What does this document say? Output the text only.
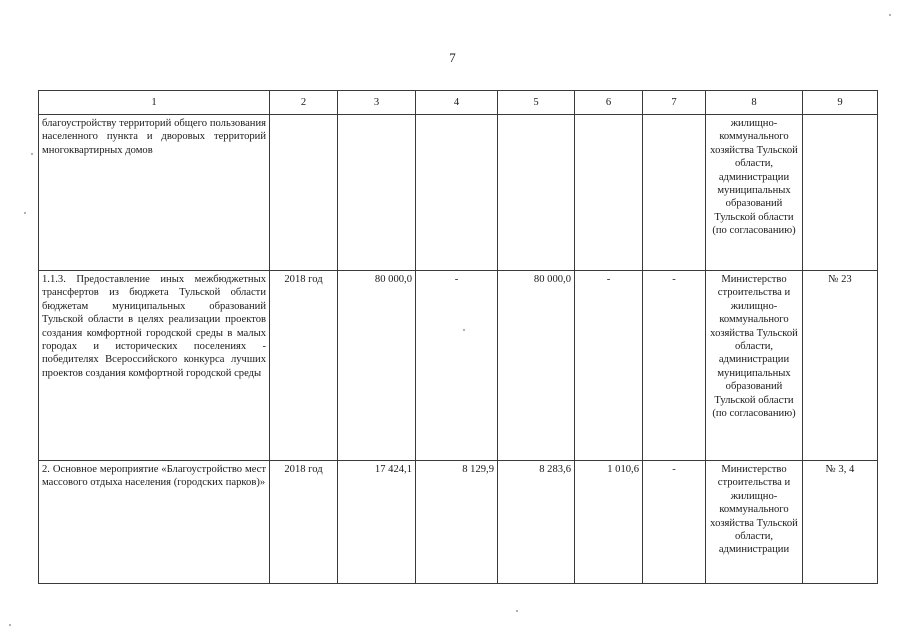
7
1	2	3	4	5	6	7	8	9
благоустройству территорий общего пользования населенного пункта и дворовых территорий многоквартирных домов							жилищно-коммунального хозяйства Тульской области, администрации муниципальных образований Тульской области (по согласованию)	
1.1.3. Предоставление иных межбюджетных трансфертов из бюджета Тульской области бюджетам муниципальных образований Тульской области в целях реализации проектов создания комфортной городской среды в малых городах и исторических поселениях - победителях Всероссийского конкурса лучших проектов создания комфортной городской среды	2018 год	80 000,0	-	80 000,0	-	-	Министерство строительства и жилищно-коммунального хозяйства Тульской области, администрации муниципальных образований Тульской области (по согласованию)	№ 23
2. Основное мероприятие «Благоустройство мест массового отдыха населения (городских парков)»	2018 год	17 424,1	8 129,9	8 283,6	1 010,6	-	Министерство строительства и жилищно-коммунального хозяйства Тульской области, администрации	№ 3, 4
